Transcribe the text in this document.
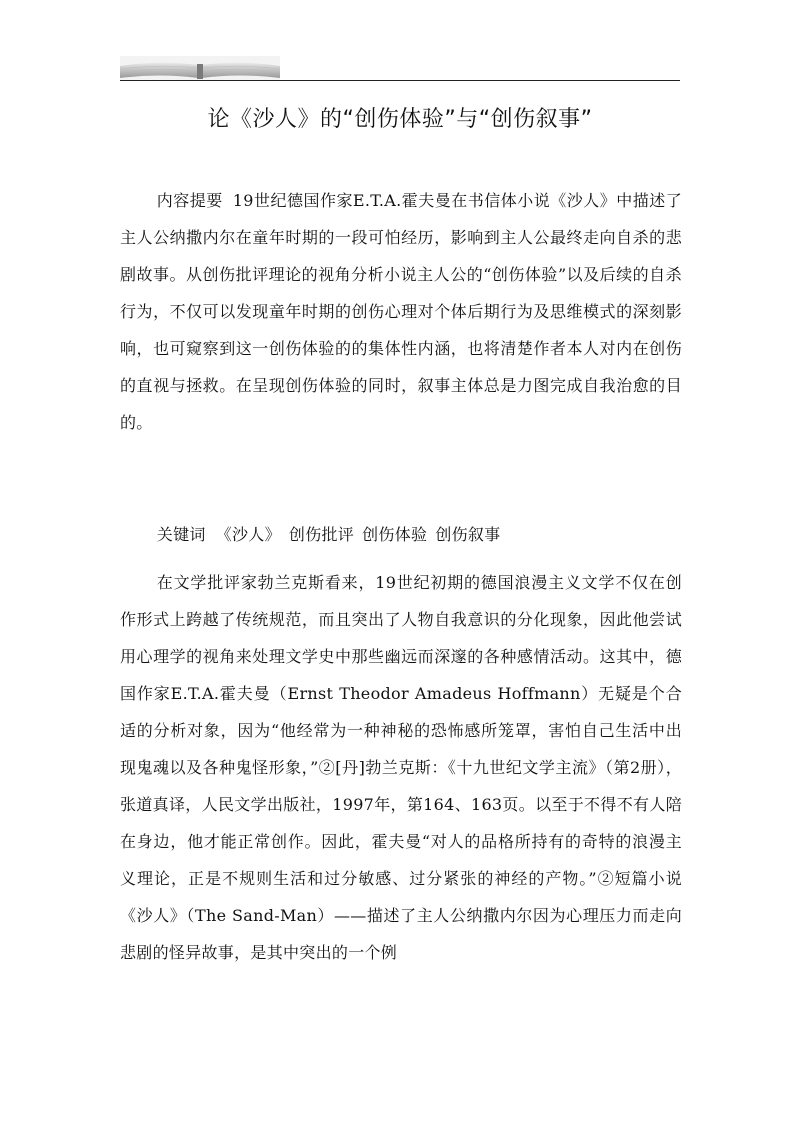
论《沙人》的“创伤体验”与“创伤叙事”

内容提要 19世纪德国作家E.T.A.霍夫曼在书信体小说《沙人》中描述了主人公纳撒内尔在童年时期的一段可怕经历，影响到主人公最终走向自杀的悲剧故事。从创伤批评理论的视角分析小说主人公的“创伤体验”以及后续的自杀行为，不仅可以发现童年时期的创伤心理对个体后期行为及思维模式的深刻影响，也可窥察到这一创伤体验的的集体性内涵，也将清楚作者本人对内在创伤的直视与拯救。在呈现创伤体验的同时，叙事主体总是力图完成自我治愈的目的。

关键词 《沙人》 创伤批评 创伤体验 创伤叙事

在文学批评家勃兰克斯看来，19世纪初期的德国浪漫主义文学不仅在创作形式上跨越了传统规范，而且突出了人物自我意识的分化现象，因此他尝试用心理学的视角来处理文学史中那些幽远而深邃的各种感情活动。这其中，德国作家E.T.A.霍夫曼（Ernst Theodor Amadeus Hoffmann）无疑是个合适的分析对象，因为“他经常为一种神秘的恐怖感所笼罩，害怕自己生活中出现鬼魂以及各种鬼怪形象，”②[丹]勃兰克斯：《十九世纪文学主流》（第2册），张道真译，人民文学出版社，1997年，第164、163页。以至于不得不有人陪在身边，他才能正常创作。因此，霍夫曼“对人的品格所持有的奇特的浪漫主义理论，正是不规则生活和过分敏感、过分紧张的神经的产物。”②短篇小说《沙人》（The Sand-Man）——描述了主人公纳撒内尔因为心理压力而走向悲剧的怪异故事，是其中突出的一个例
